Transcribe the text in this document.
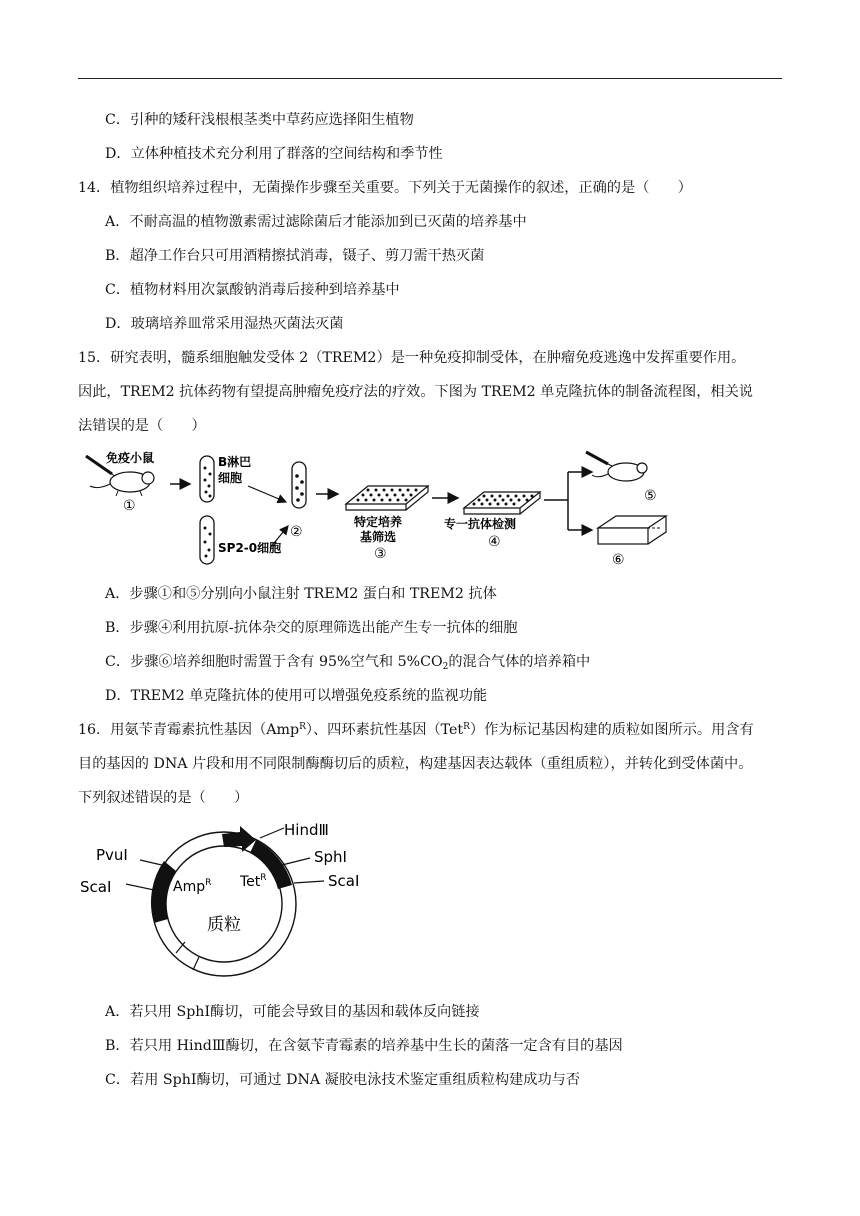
C．引种的矮秆浅根根茎类中草药应选择阳生植物
D．立体种植技术充分利用了群落的空间结构和季节性
14．植物组织培养过程中，无菌操作步骤至关重要。下列关于无菌操作的叙述，正确的是（　　）
A．不耐高温的植物激素需过滤除菌后才能添加到已灭菌的培养基中
B．超净工作台只可用酒精擦拭消毒，镊子、剪刀需干热灭菌
C．植物材料用次氯酸钠消毒后接种到培养基中
D．玻璃培养皿常采用湿热灭菌法灭菌
15．研究表明，髓系细胞触发受体 2（TREM2）是一种免疫抑制受体，在肿瘤免疫逃逸中发挥重要作用。
因此，TREM2 抗体药物有望提高肿瘤免疫疗法的疗效。下图为 TREM2 单克隆抗体的制备流程图，相关说
法错误的是（　　）
免疫小鼠
①
B淋巴
细胞
SP2-0细胞
②
特定培养
基筛选
③
专一抗体检测
④
⑤
⑥
A．步骤①和⑤分别向小鼠注射 TREM2 蛋白和 TREM2 抗体
B．步骤④利用抗原-抗体杂交的原理筛选出能产生专一抗体的细胞
C．步骤⑥培养细胞时需置于含有 95%空气和 $5\%CO_2$的混合气体的培养箱中
D．TREM2 单克隆抗体的使用可以增强免疫系统的监视功能
16．用氨苄青霉素抗性基因（Amp$^R$）、四环素抗性基因（Tet$^R$）作为标记基因构建的质粒如图所示。用含有
目的基因的 DNA 片段和用不同限制酶酶切后的质粒，构建基因表达载体（重组质粒），并转化到受体菌中。
下列叙述错误的是（　　）
HindⅢ
SphⅠ
ScaⅠ
PvuⅠ
ScaⅠ	Amp$^R$ Tet$^R$
质粒
A．若只用 SphⅠ酶切，可能会导致目的基因和载体反向链接
B．若只用 HindⅢ酶切，在含氨苄青霉素的培养基中生长的菌落一定含有目的基因
C．若用 SphⅠ酶切，可通过 DNA 凝胶电泳技术鉴定重组质粒构建成功与否
